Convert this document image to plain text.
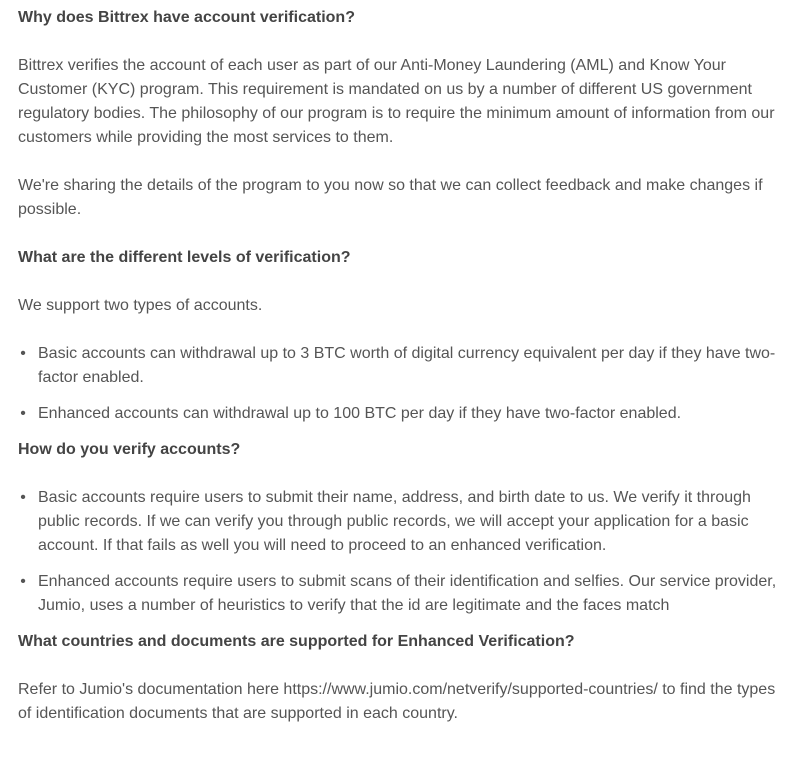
Why does Bittrex have account verification?

Bittrex verifies the account of each user as part of our Anti-Money Laundering (AML) and Know Your Customer (KYC) program. This requirement is mandated on us by a number of different US government regulatory bodies. The philosophy of our program is to require the minimum amount of information from our customers while providing the most services to them.

We're sharing the details of the program to you now so that we can collect feedback and make changes if possible.

What are the different levels of verification?

We support two types of accounts.

• Basic accounts can withdrawal up to 3 BTC worth of digital currency equivalent per day if they have two-factor enabled.
• Enhanced accounts can withdrawal up to 100 BTC per day if they have two-factor enabled.
How do you verify accounts?
• Basic accounts require users to submit their name, address, and birth date to us. We verify it through public records. If we can verify you through public records, we will accept your application for a basic account. If that fails as well you will need to proceed to an enhanced verification.
• Enhanced accounts require users to submit scans of their identification and selfies. Our service provider, Jumio, uses a number of heuristics to verify that the id are legitimate and the faces match
What countries and documents are supported for Enhanced Verification?

Refer to Jumio's documentation here https://www.jumio.com/netverify/supported-countries/ to find the types of identification documents that are supported in each country.
